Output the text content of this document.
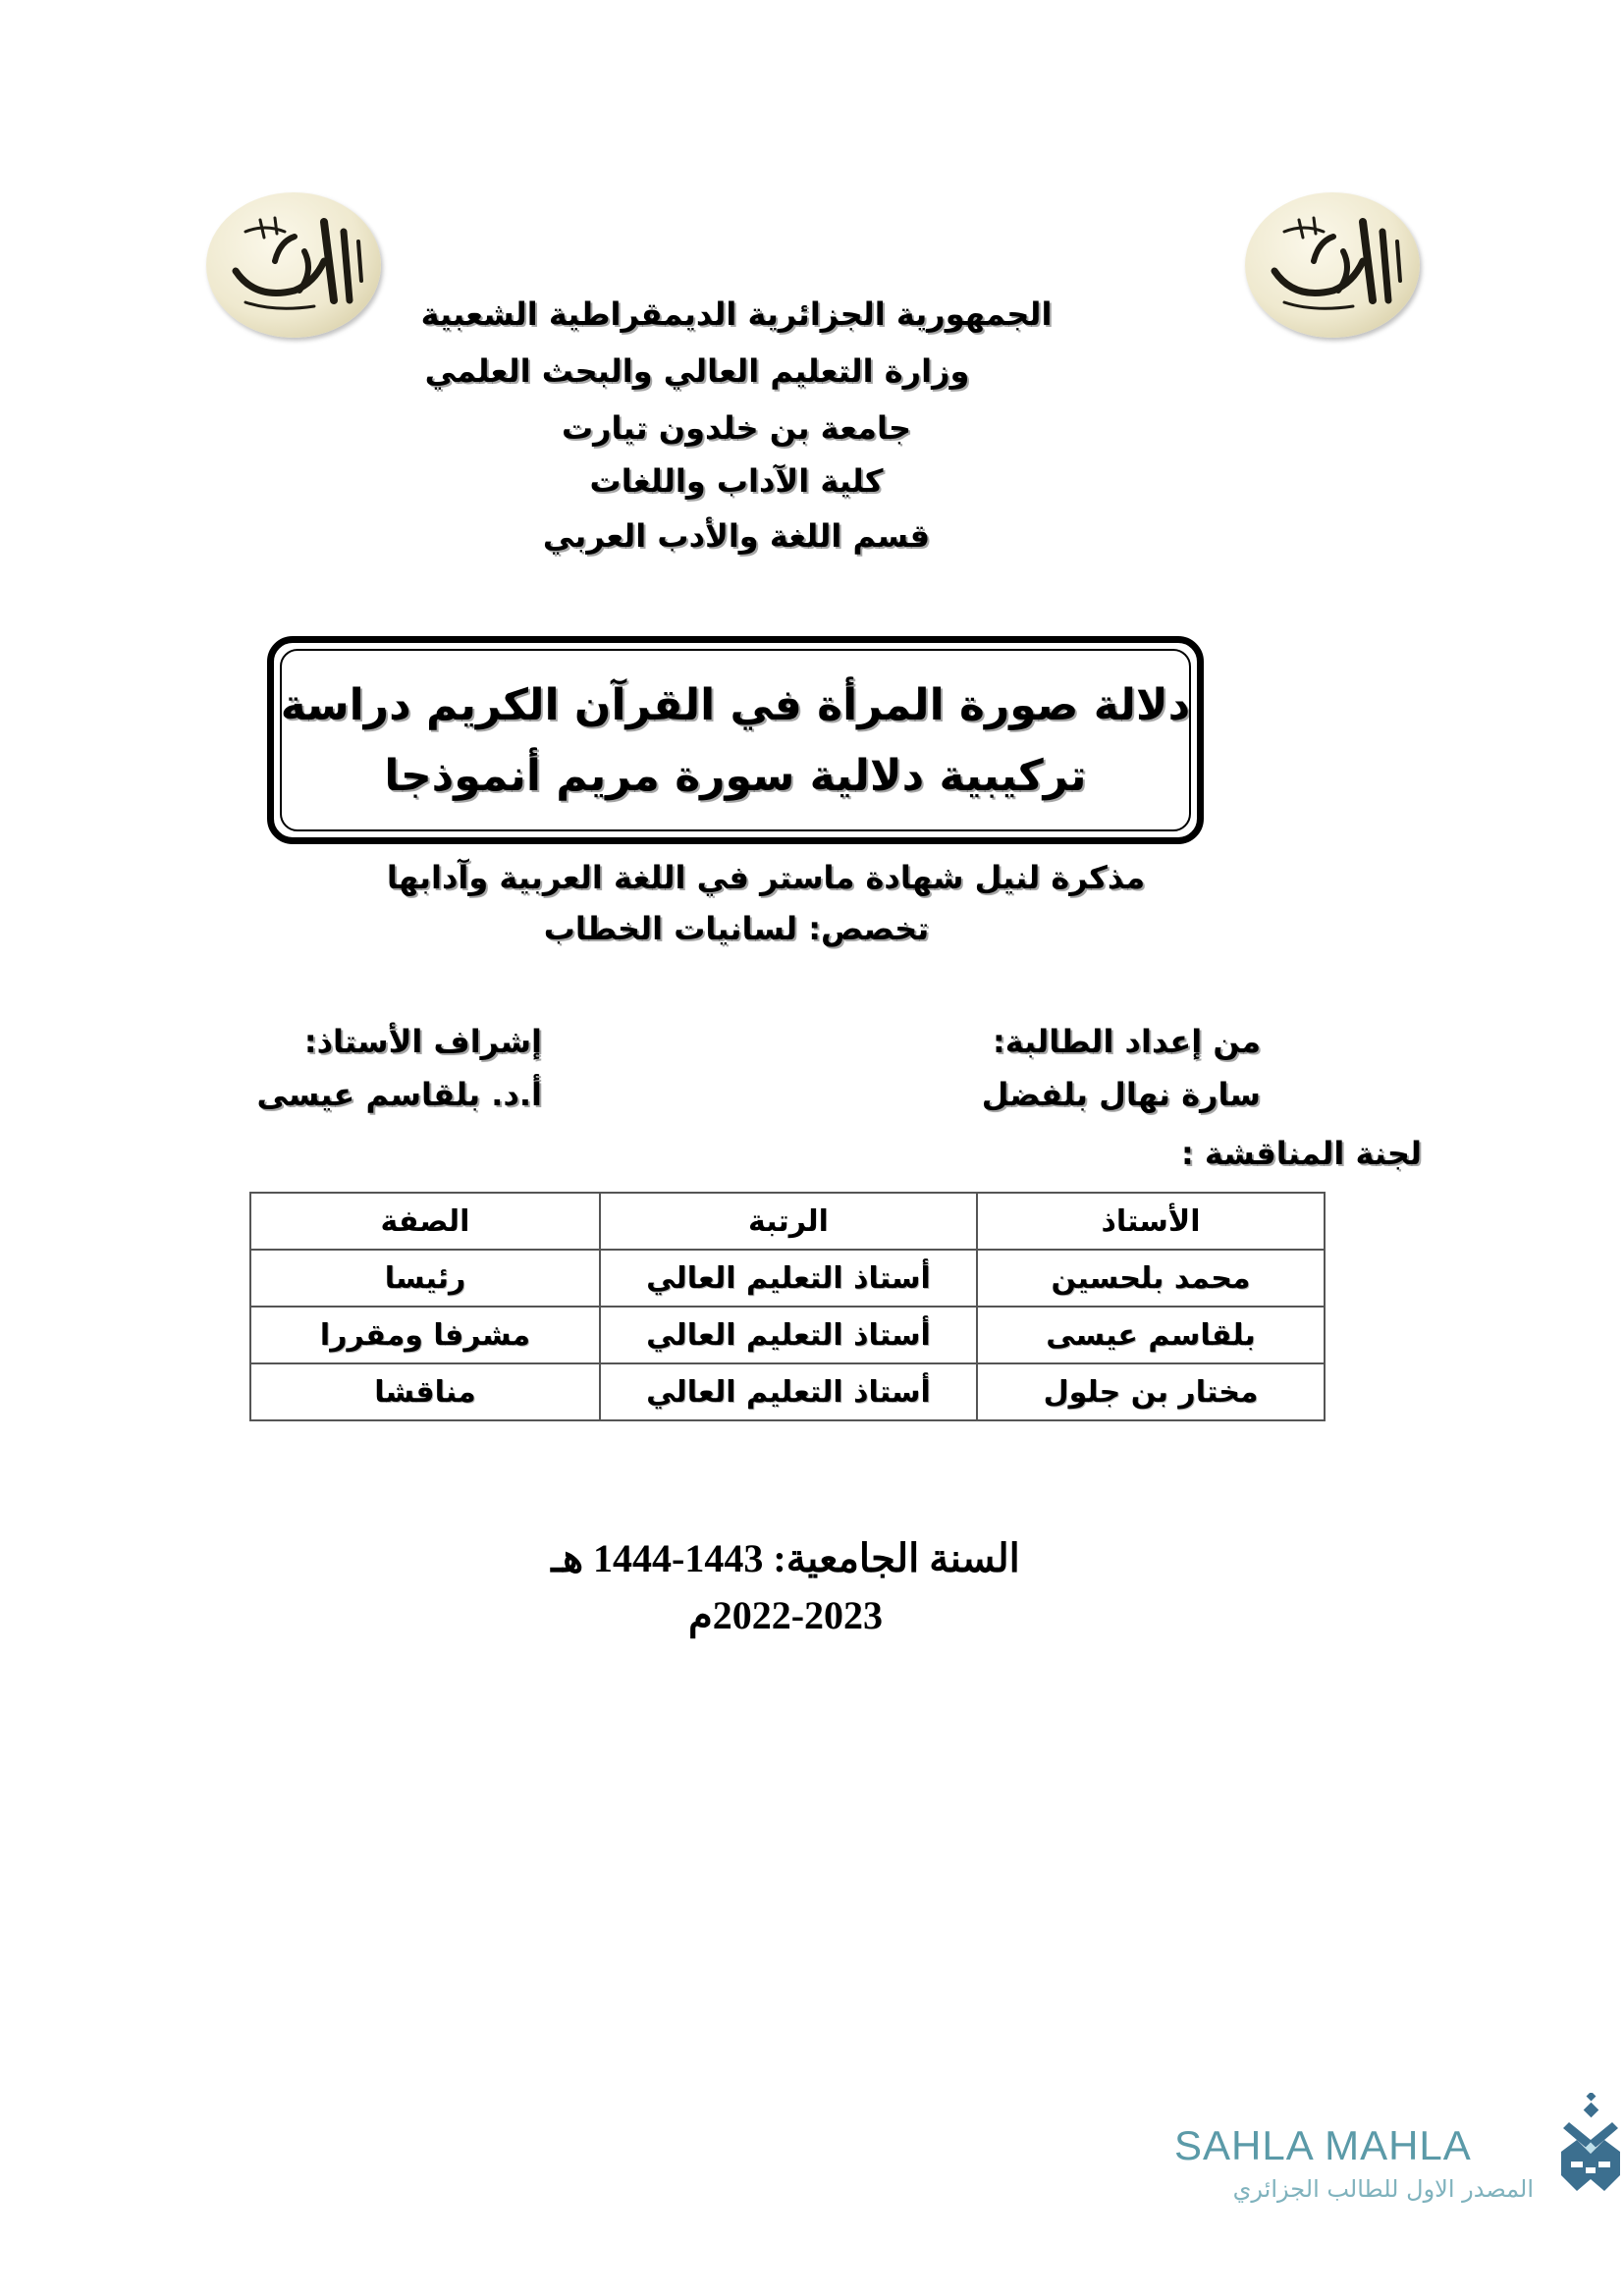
الجمهورية الجزائرية الديمقراطية الشعبية
وزارة التعليم العالي والبحث العلمي
جامعة بن خلدون تيارت
كلية الآداب واللغات
قسم اللغة والأدب العربي
دلالة صورة المرأة في القرآن الكريم دراسة
تركيبية دلالية سورة مريم أنموذجا
مذكرة لنيل شهادة ماستر في اللغة العربية وآدابها
تخصص: لسانيات الخطاب
من إعداد الطالبة:
سارة نهال بلفضل
إشراف الأستاذ:
أ.د. بلقاسم عيسى
لجنة المناقشة :
الأستاذ	الرتبة	الصفة
محمد بلحسين	أستاذ التعليم العالي	رئيسا
بلقاسم عيسى	أستاذ التعليم العالي	مشرفا ومقررا
مختار بن جلول	أستاذ التعليم العالي	مناقشا
السنة الجامعية: 1443-1444 هـ
2022-2023م
SAHLA MAHLA
المصدر الاول للطالب الجزائري
